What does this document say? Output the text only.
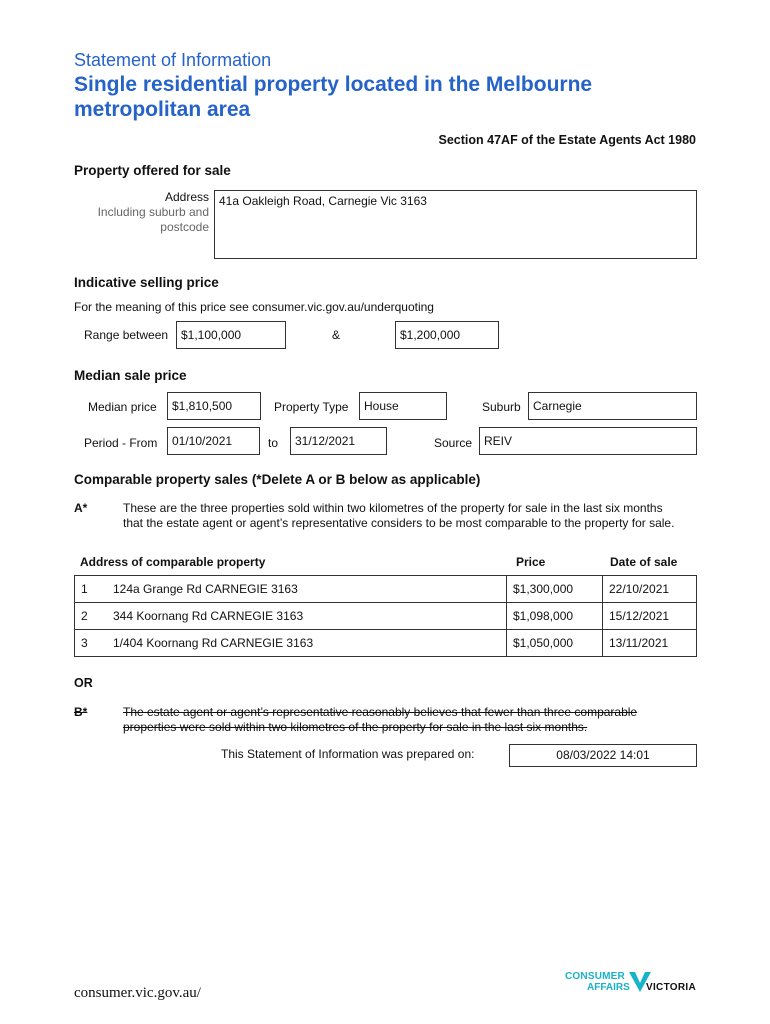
Statement of Information
Single residential property located in the Melbourne metropolitan area
Section 47AF of the Estate Agents Act 1980
Property offered for sale
Address
Including suburb and
postcode
41a Oakleigh Road, Carnegie Vic 3163
Indicative selling price
For the meaning of this price see consumer.vic.gov.au/underquoting
Range between	$1,100,000	&	$1,200,000
Median sale price
Median price	$1,810,500	Property Type	House	Suburb	Carnegie
Period - From	01/10/2021	to	31/12/2021	Source REIV
Comparable property sales (*Delete A or B below as applicable)
A*	These are the three properties sold within two kilometres of the property for sale in the last six months that the estate agent or agent’s representative considers to be most comparable to the property for sale.
Address of comparable property	Price	Date of sale
1 124a Grange Rd CARNEGIE 3163	$1,300,000	22/10/2021
2 344 Koornang Rd CARNEGIE 3163	$1,098,000	15/12/2021
3 1/404 Koornang Rd CARNEGIE 3163	$1,050,000	13/11/2021
OR
B*	The estate agent or agent’s representative reasonably believes that fewer than three comparable properties were sold within two kilometres of the property for sale in the last six months.
This Statement of Information was prepared on:	08/03/2022 14:01
consumer.vic.gov.au/
CONSUMER
AFFAIRS VICTORIA
